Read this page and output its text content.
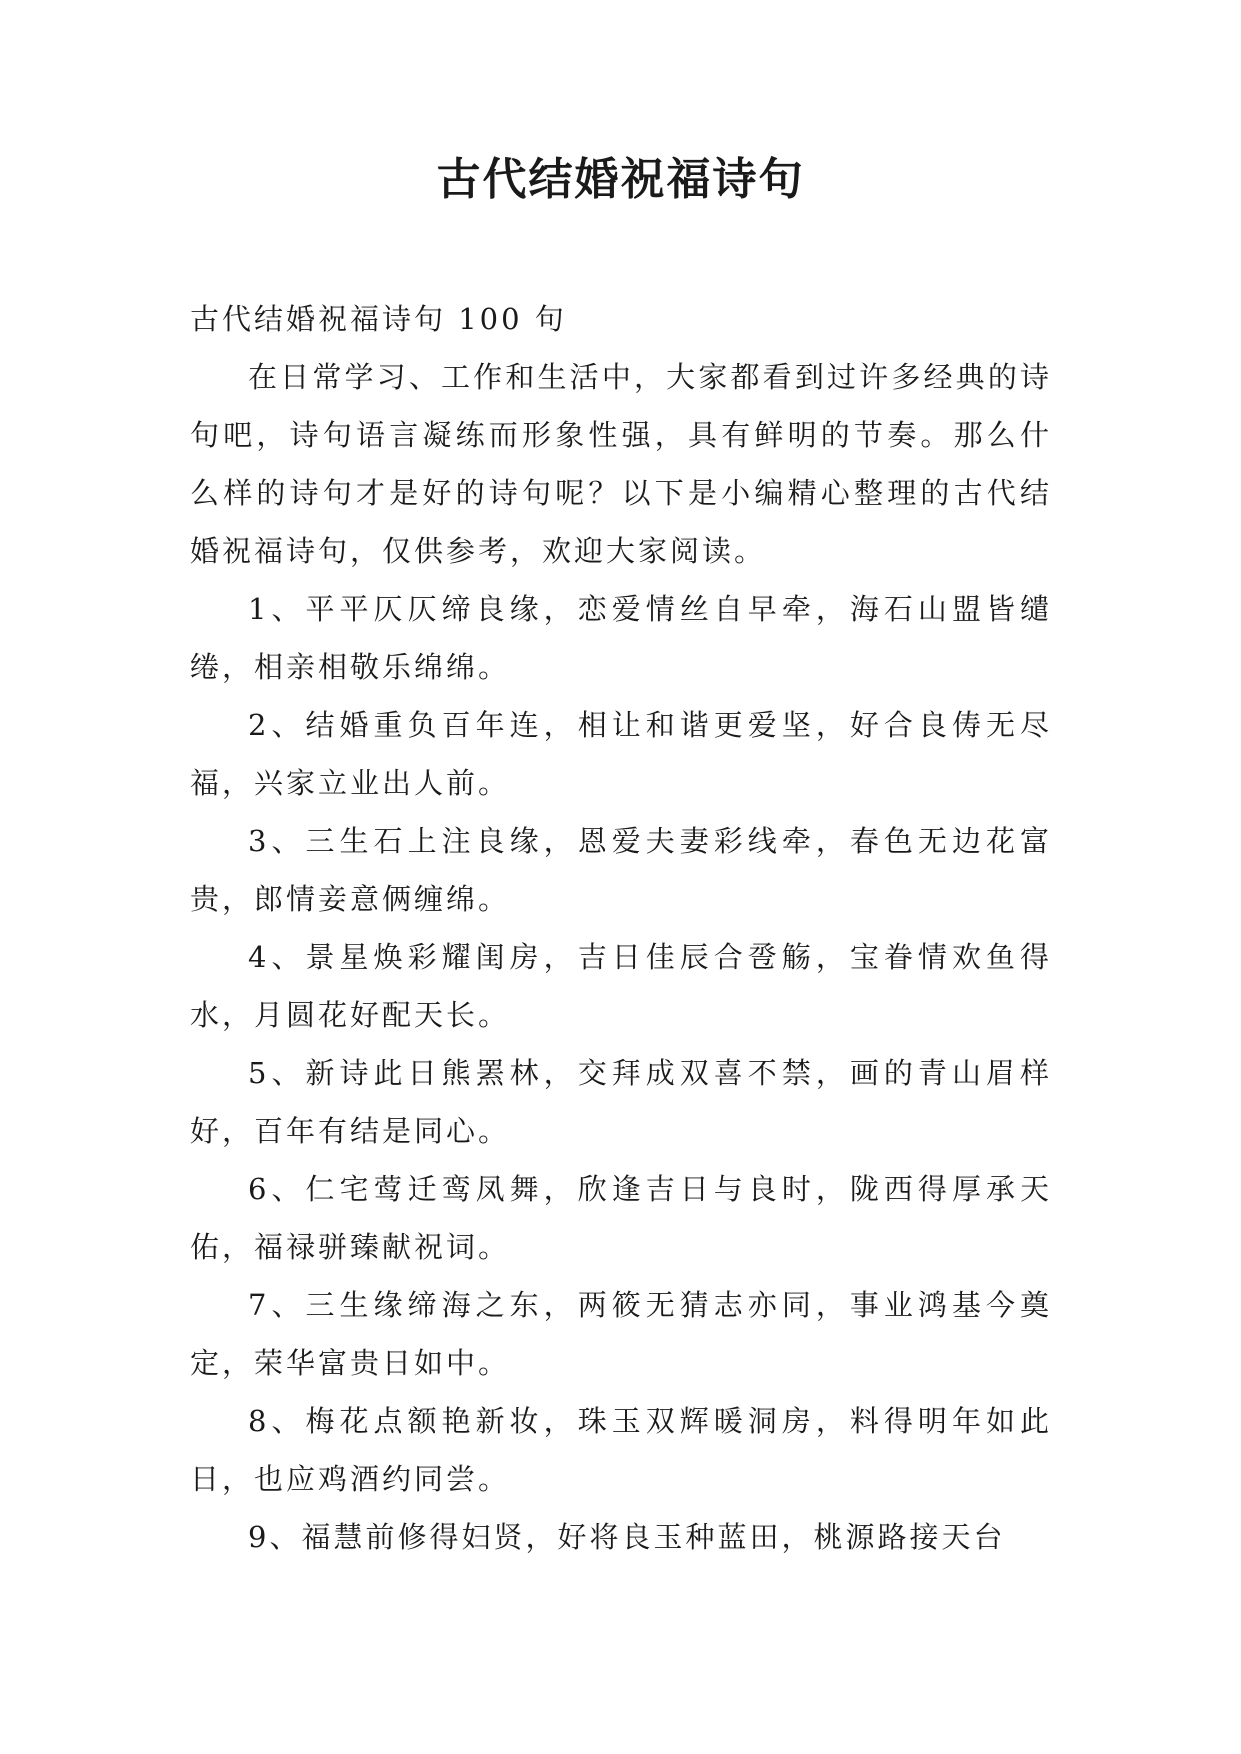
古代结婚祝福诗句

古代结婚祝福诗句 100 句

在日常学习、工作和生活中，大家都看到过许多经典的诗句吧，诗句语言凝练而形象性强，具有鲜明的节奏。那么什么样的诗句才是好的诗句呢？以下是小编精心整理的古代结婚祝福诗句，仅供参考，欢迎大家阅读。

1、平平仄仄缔良缘，恋爱情丝自早牵，海石山盟皆缱绻，相亲相敬乐绵绵。

2、结婚重负百年连，相让和谐更爱坚，好合良俦无尽福，兴家立业出人前。

3、三生石上注良缘，恩爱夫妻彩线牵，春色无边花富贵，郎情妾意俩缠绵。

4、景星焕彩耀闺房，吉日佳辰合卺觞，宝眷情欢鱼得水，月圆花好配天长。

5、新诗此日熊罴林，交拜成双喜不禁，画的青山眉样好，百年有结是同心。

6、仁宅莺迁鸾凤舞，欣逢吉日与良时，陇西得厚承天佑，福禄骈臻献祝词。

7、三生缘缔海之东，两筱无猜志亦同，事业鸿基今奠定，荣华富贵日如中。

8、梅花点额艳新妆，珠玉双辉暖洞房，料得明年如此日，也应鸡酒约同尝。

9、福慧前修得妇贤，好将良玉种蓝田，桃源路接天台
